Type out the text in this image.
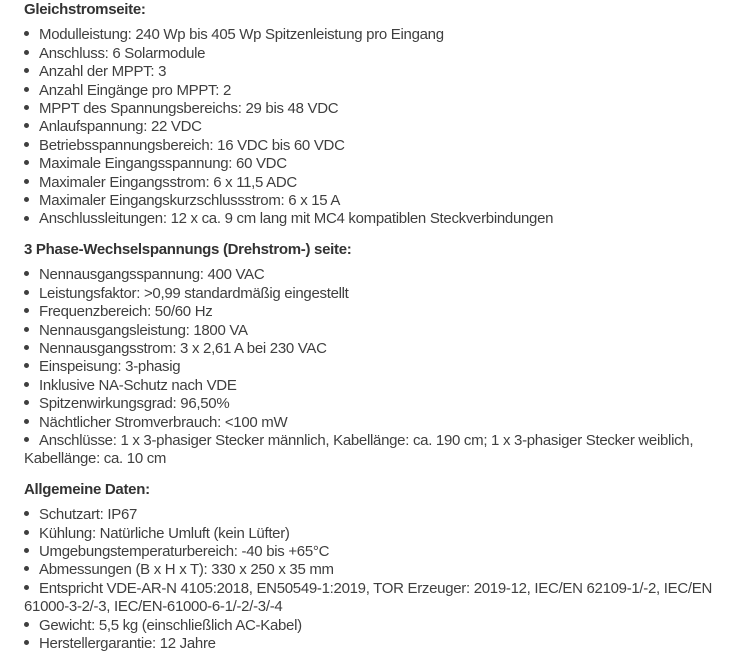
Gleichstromseite:
Modulleistung: 240 Wp bis 405 Wp Spitzenleistung pro Eingang
Anschluss: 6 Solarmodule
Anzahl der MPPT: 3
Anzahl Eingänge pro MPPT: 2
MPPT des Spannungsbereichs: 29 bis 48 VDC
Anlaufspannung: 22 VDC
Betriebsspannungsbereich: 16 VDC bis 60 VDC
Maximale Eingangsspannung: 60 VDC
Maximaler Eingangsstrom: 6 x 11,5 ADC
Maximaler Eingangskurzschlussstrom: 6 x 15 A
Anschlussleitungen: 12 x ca. 9 cm lang mit MC4 kompatiblen Steckverbindungen
3 Phase-Wechselspannungs (Drehstrom-) seite:
Nennausgangsspannung: 400 VAC
Leistungsfaktor: >0,99 standardmäßig eingestellt
Frequenzbereich: 50/60 Hz
Nennausgangsleistung: 1800 VA
Nennausgangsstrom: 3 x 2,61 A bei 230 VAC
Einspeisung: 3-phasig
Inklusive NA-Schutz nach VDE
Spitzenwirkungsgrad: 96,50%
Nächtlicher Stromverbrauch: <100 mW
Anschlüsse: 1 x 3-phasiger Stecker männlich, Kabellänge: ca. 190 cm; 1 x 3-phasiger Stecker weiblich, Kabellänge: ca. 10 cm
Allgemeine Daten:
Schutzart: IP67
Kühlung: Natürliche Umluft (kein Lüfter)
Umgebungstemperaturbereich: -40 bis +65°C
Abmessungen (B x H x T): 330 x 250 x 35 mm
Entspricht VDE-AR-N 4105:2018, EN50549-1:2019, TOR Erzeuger: 2019-12, IEC/EN 62109-1/-2, IEC/EN 61000-3-2/-3, IEC/EN-61000-6-1/-2/-3/-4
Gewicht: 5,5 kg (einschließlich AC-Kabel)
Herstellergarantie: 12 Jahre
